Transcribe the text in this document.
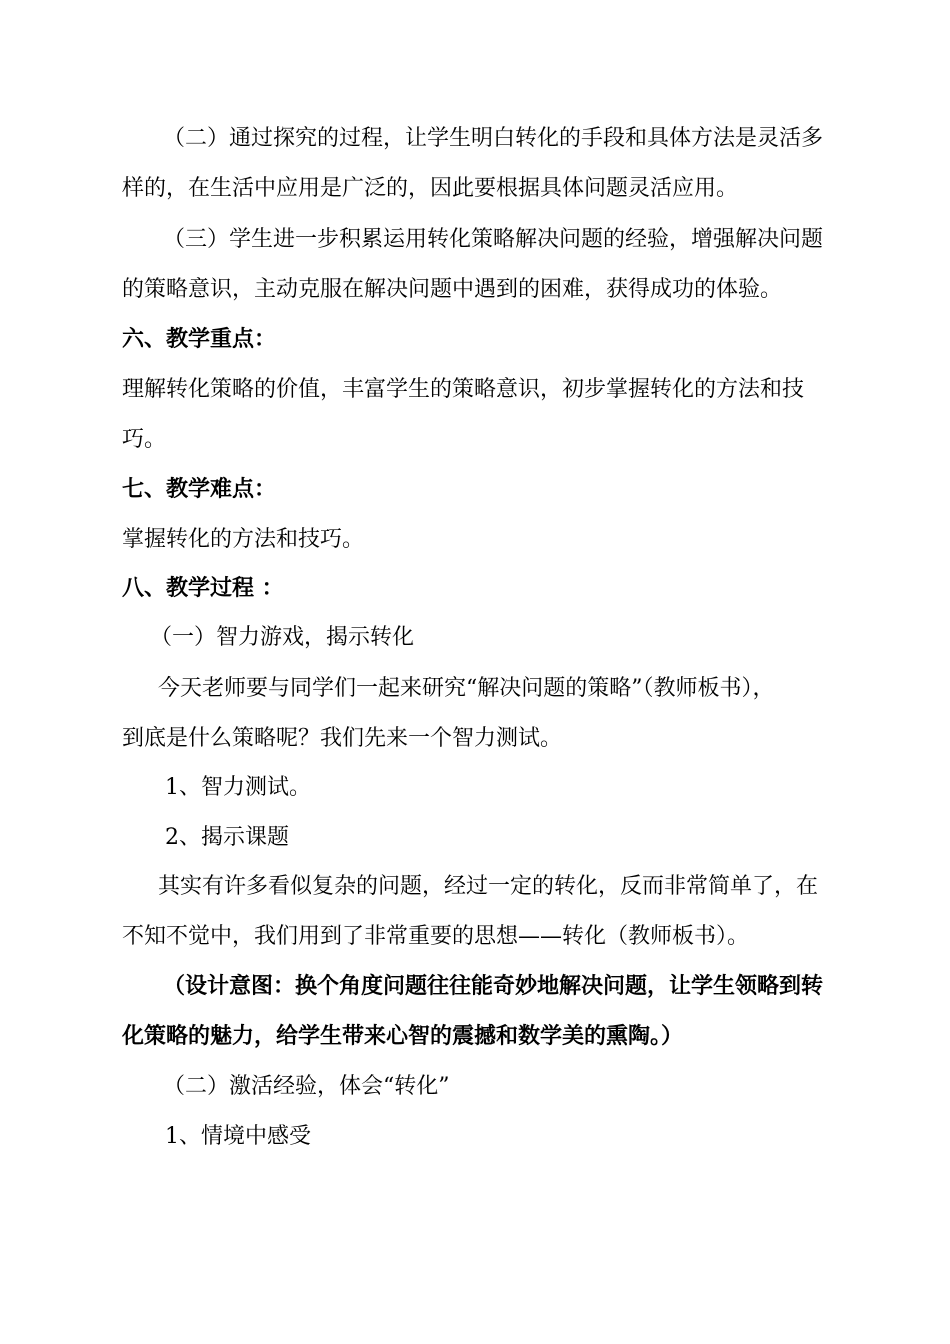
（二）通过探究的过程，让学生明白转化的手段和具体方法是灵活多
样的，在生活中应用是广泛的，因此要根据具体问题灵活应用。
（三）学生进一步积累运用转化策略解决问题的经验，增强解决问题
的策略意识，主动克服在解决问题中遇到的困难，获得成功的体验。
六、教学重点：
理解转化策略的价值，丰富学生的策略意识，初步掌握转化的方法和技
巧。
七、教学难点：
掌握转化的方法和技巧。
八、教学过程 ：
（一）智力游戏，揭示转化
今天老师要与同学们一起来研究“解决问题的策略”（教师板书），
到底是什么策略呢？我们先来一个智力测试。
1、智力测试。
2、揭示课题
其实有许多看似复杂的问题，经过一定的转化，反而非常简单了，在
不知不觉中，我们用到了非常重要的思想——转化（教师板书）。
（设计意图：换个角度问题往往能奇妙地解决问题，让学生领略到转
化策略的魅力，给学生带来心智的震撼和数学美的熏陶。）
（二）激活经验，体会“转化”
1、情境中感受
